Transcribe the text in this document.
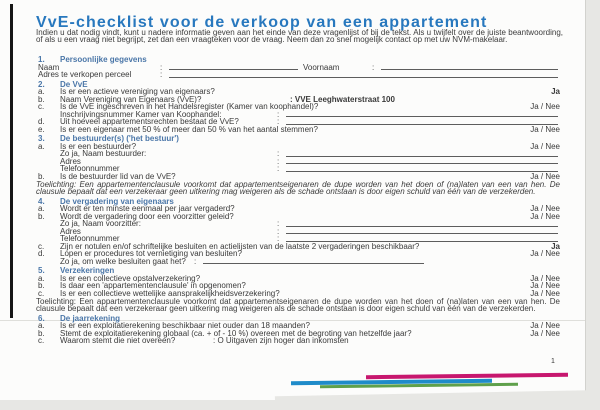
VvE-checklist voor de verkoop van een appartement

Indien u dat nodig vindt, kunt u nadere informatie geven aan het einde van deze vragenlijst of bij de tekst. Als u twijfelt over de juiste beantwoording, of als u een vraag niet begrijpt, zet dan een vraagteken voor de vraag. Neem dan zo snel mogelijk contact op met uw NVM-makelaar.

1. Persoonlijke gegevens
Naam :	Voornaam
:
Adres te verkopen perceel
:
2. De VvE
a. Is er een actieve vereniging van eigenaars?	Ja
b. Naam Vereniging van Eigenaars (VvE)?	: VVE Leeghwaterstraat 100
c. Is de VvE ingeschreven in het Handelsregister (Kamer van koophandel)?	Ja / Nee
Inschrijvingsnummer Kamer van Koophandel:
:
d. Uit hoeveel appartementsrechten bestaat de VvE?
:
e. Is er een eigenaar met 50 % of meer dan 50 % van het aantal stemmen?	Ja / Nee
3. De bestuurder(s) ('het bestuur')
a. Is er een bestuurder?	Ja / Nee
Zo ja, Naam bestuurder:
:
Adres
:
Telefoonnummer
:
b. Is de bestuurder lid van de VvE?	Ja / Nee

Toelichting: Een appartementenclausule voorkomt dat appartementseigenaren de dupe worden van het doen of (na)laten van een van hen. De clausule bepaalt dat een verzekeraar geen uitkering mag weigeren als de schade ontstaan is door eigen schuld van één van de verzekerden.

4. De vergadering van eigenaars
a. Wordt er ten minste eenmaal per jaar vergaderd?	Ja / Nee
b. Wordt de vergadering door een voorzitter geleid?	Ja / Nee
Zo ja, Naam voorzitter:
:
Adres
:
Telefoonnummer
:
c. Zijn er notulen en/of schriftelijke besluiten en actielijsten van de laatste 2 vergaderingen beschikbaar?	Ja
d. Lopen er procedures tot vernietiging van besluiten?	Ja / Nee
Zo ja, om welke besluiten gaat het?
:
5. Verzekeringen
a. Is er een collectieve opstalverzekering?	Ja / Nee
b. Is daar een 'appartementenclausule' in opgenomen?	Ja / Nee
c. Is er een collectieve wettelijke aansprakelijkheidsverzekering?	Ja / Nee

Toelichting: Een appartementenclausule voorkomt dat appartementseigenaren de dupe worden van het doen of (na)laten van een van hen. De clausule bepaalt dat een verzekeraar geen uitkering mag weigeren als de schade ontstaan is door eigen schuld van één van de verzekerden.

6. De jaarrekening
a. Is er een exploitatierekening beschikbaar niet ouder dan 18 maanden?	Ja / Nee
b. Stemt de exploitatierekening globaal (ca. + of - 10 %) overeen met de begroting van hetzelfde jaar?	Ja / Nee
c. Waarom stemt die niet overeen?	: O Uitgaven zijn hoger dan inkomsten
1
